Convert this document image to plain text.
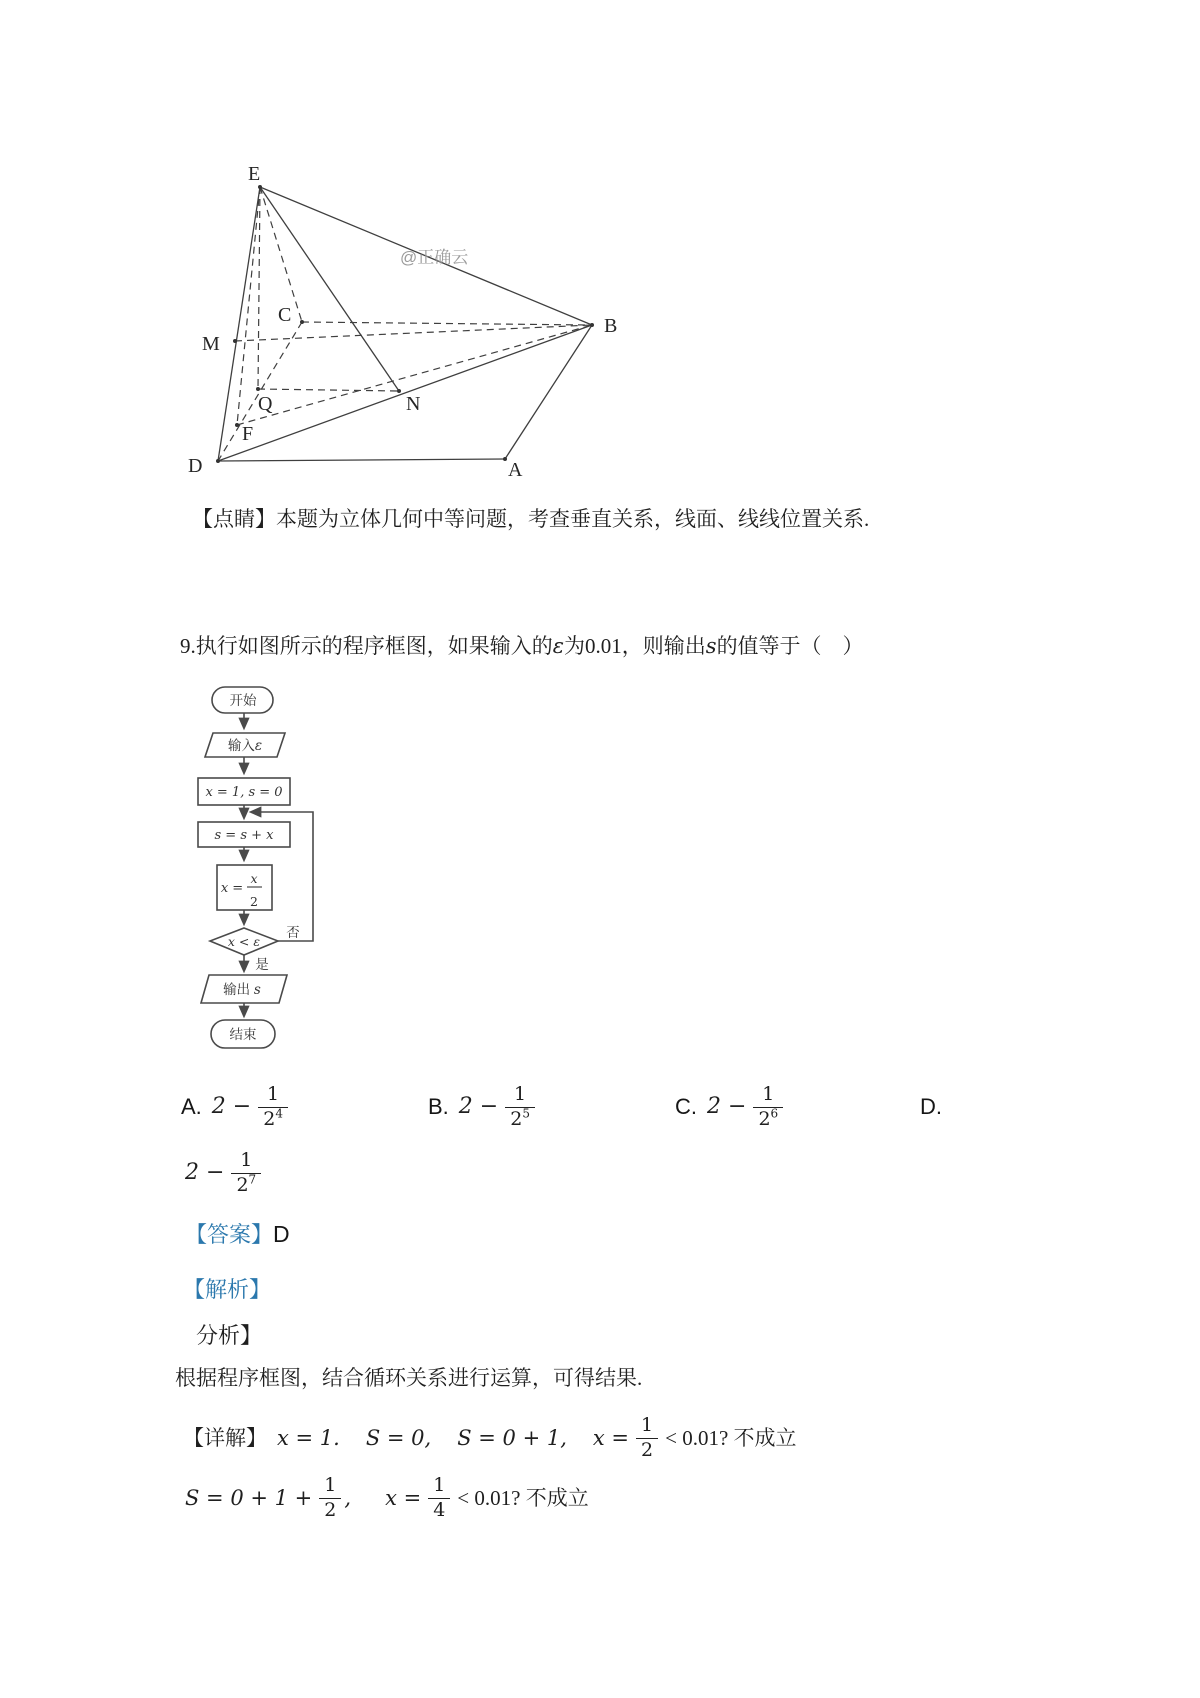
E
M
C
Q
F
D
N
A
B
@正确云
【点睛】本题为立体几何中等问题，考查垂直关系，线面、线线位置关系.
9.执行如图所示的程序框图，如果输入的ε为0.01，则输出s的值等于（　）
开始
输入ε
x = 1, s = 0
s = s + x
x =
x
2
x < ε
否
是
输出 s
结束
A. $2 - \frac{1}{2^4}$	B. $2 - \frac{1}{2^5}$	C. $2 - \frac{1}{2^6}$	D.
$2 - \frac{1}{2^7}$
【答案】D
【解析】
分析】
根据程序框图，结合循环关系进行运算，可得结果.
【详解】 x = 1. S = 0, S = 0 + 1, $x = \frac{1}{2} < 0.01$? 不成立
$S = 0 + 1 + \frac{1}{2}$ , $x = \frac{1}{4} < 0.01$? 不成立
